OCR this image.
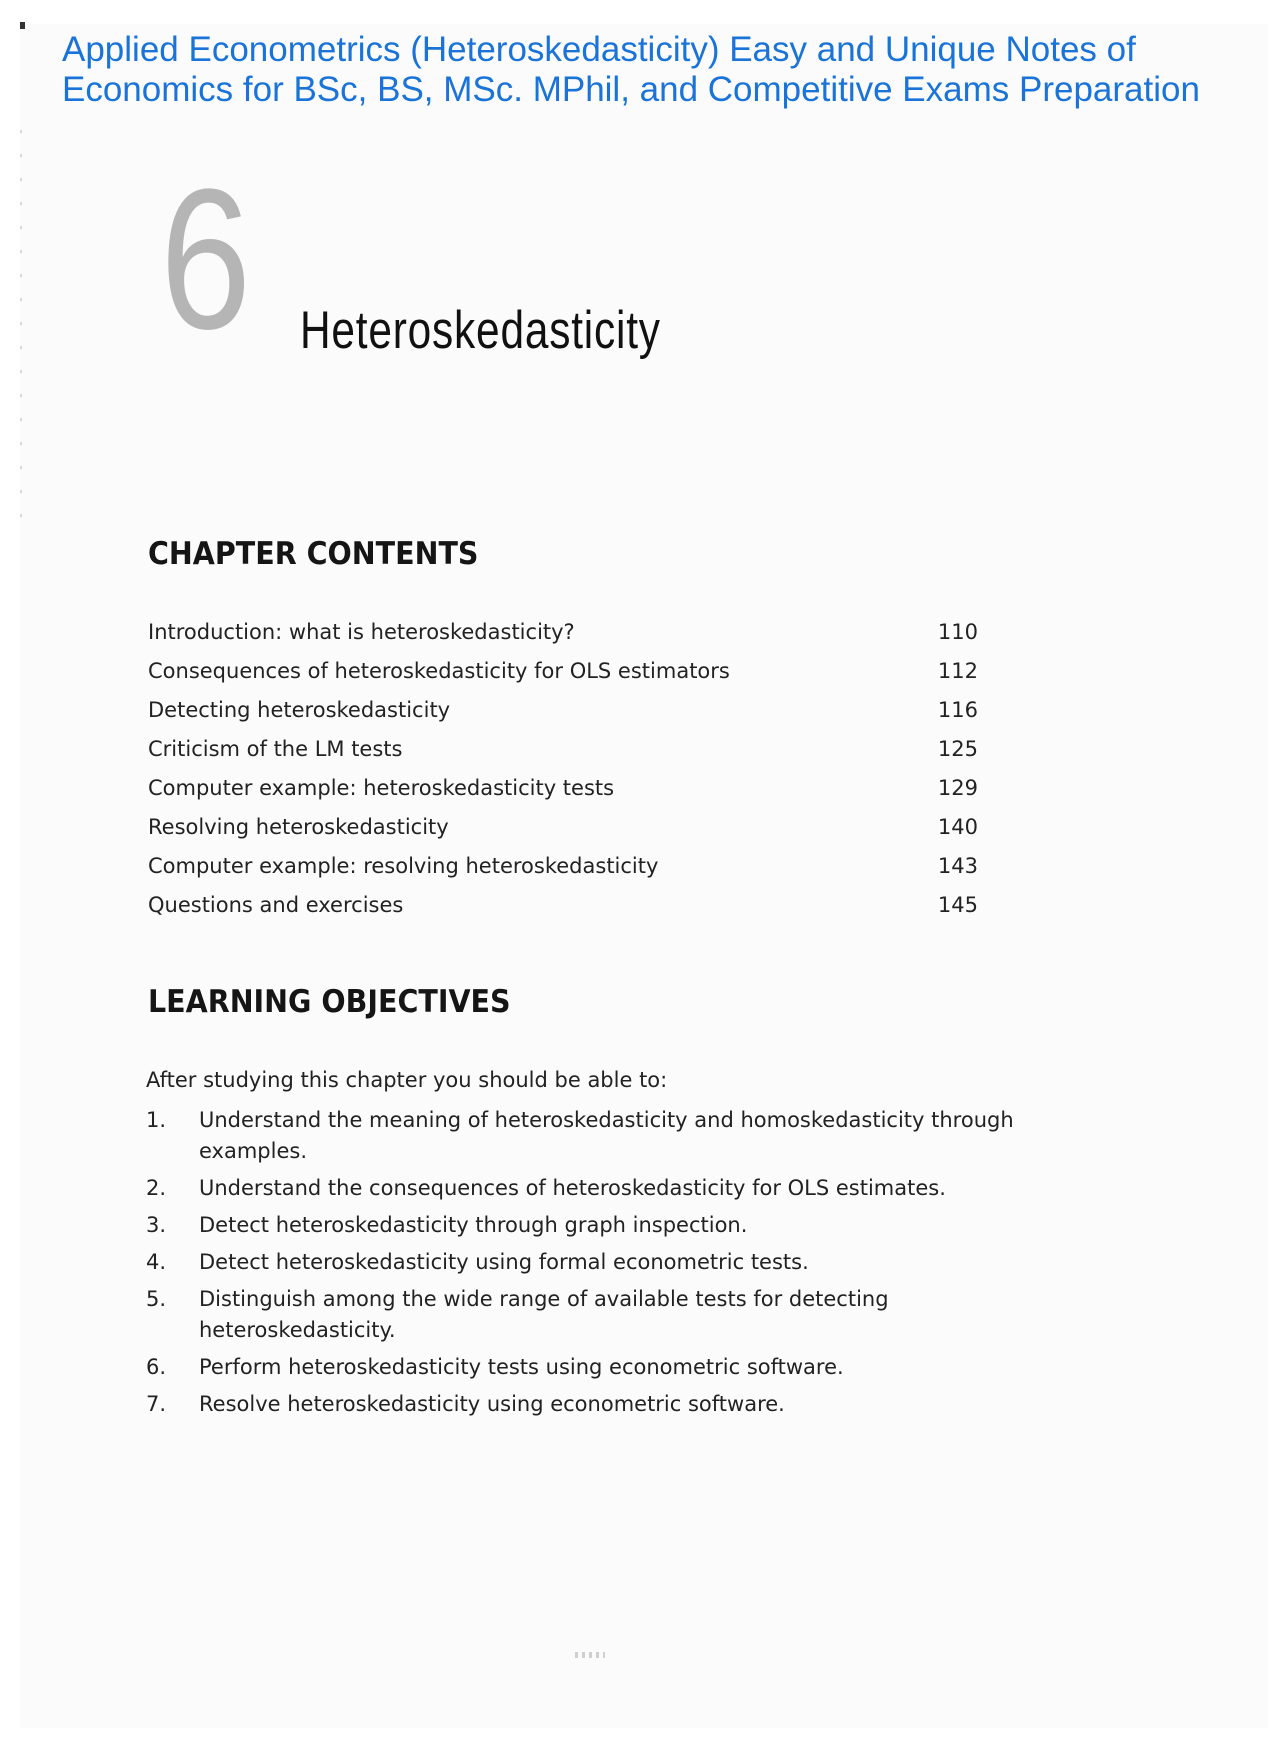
Applied Econometrics (Heteroskedasticity) Easy and Unique Notes of Economics for BSc, BS, MSc. MPhil, and Competitive Exams Preparation
6 Heteroskedasticity
CHAPTER CONTENTS
Introduction: what is heteroskedasticity?	110
Consequences of heteroskedasticity for OLS estimators	112
Detecting heteroskedasticity	116
Criticism of the LM tests	125
Computer example: heteroskedasticity tests	129
Resolving heteroskedasticity	140
Computer example: resolving heteroskedasticity	143
Questions and exercises	145
LEARNING OBJECTIVES
After studying this chapter you should be able to:
1. Understand the meaning of heteroskedasticity and homoskedasticity through examples.
2. Understand the consequences of heteroskedasticity for OLS estimates.
3. Detect heteroskedasticity through graph inspection.
4. Detect heteroskedasticity using formal econometric tests.
5. Distinguish among the wide range of available tests for detecting heteroskedasticity.
6. Perform heteroskedasticity tests using econometric software.
7. Resolve heteroskedasticity using econometric software.
